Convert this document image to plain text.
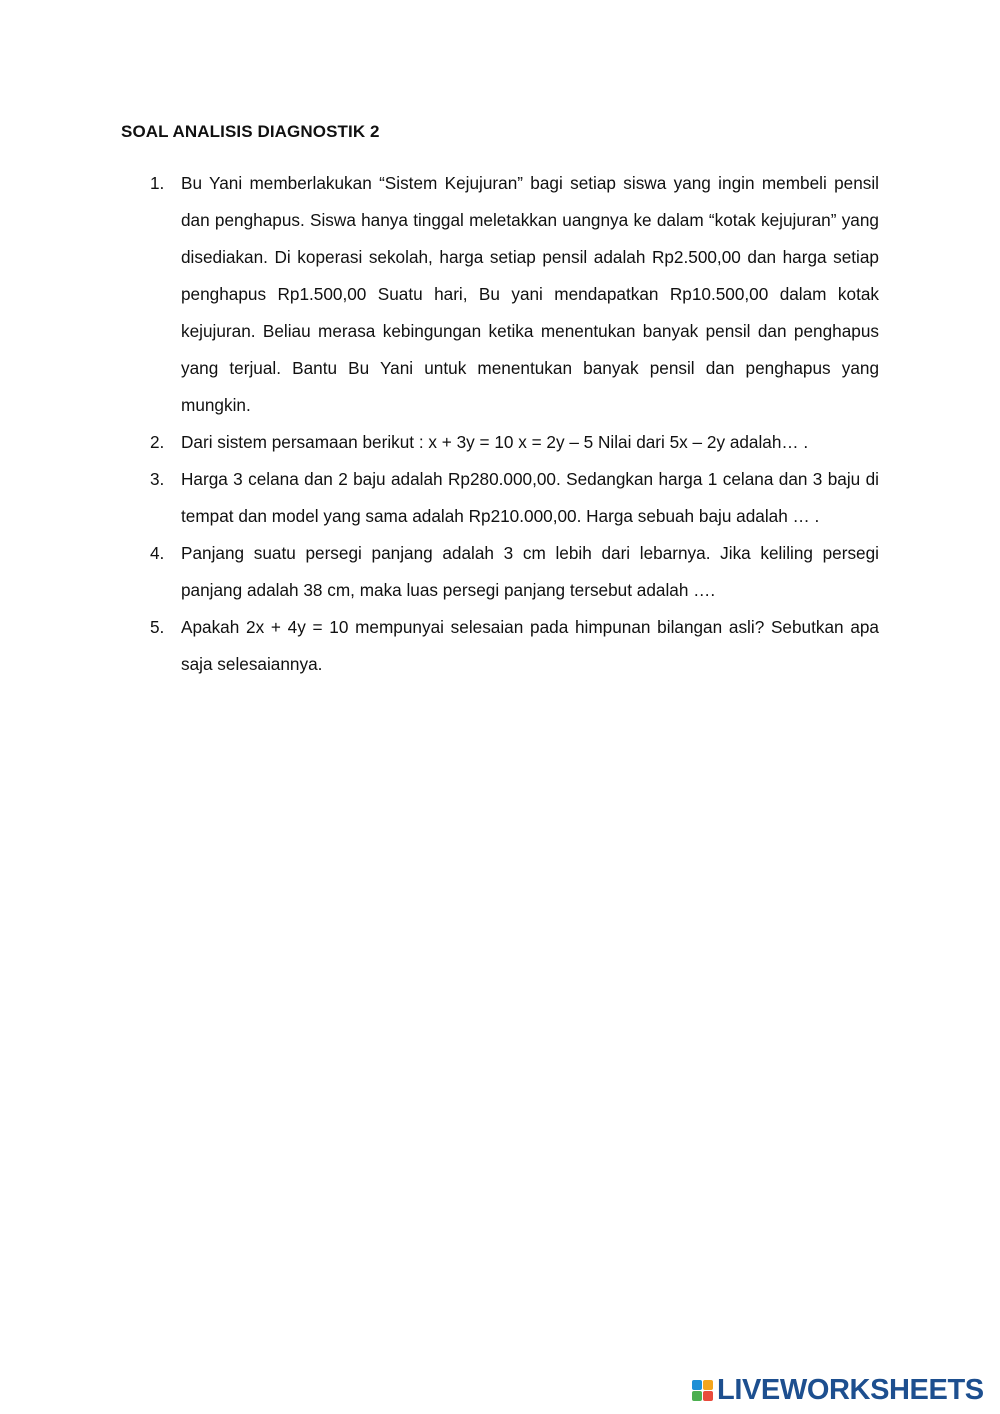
SOAL ANALISIS DIAGNOSTIK 2
1. Bu Yani memberlakukan “Sistem Kejujuran” bagi setiap siswa yang ingin membeli pensil dan penghapus. Siswa hanya tinggal meletakkan uangnya ke dalam “kotak kejujuran” yang disediakan. Di koperasi sekolah, harga setiap pensil adalah Rp2.500,00 dan harga setiap penghapus Rp1.500,00 Suatu hari, Bu yani mendapatkan Rp10.500,00 dalam kotak kejujuran. Beliau merasa kebingungan ketika menentukan banyak pensil dan penghapus yang terjual. Bantu Bu Yani untuk menentukan banyak pensil dan penghapus yang mungkin.
2. Dari sistem persamaan berikut : x + 3y = 10 x = 2y – 5 Nilai dari 5x – 2y adalah… .
3. Harga 3 celana dan 2 baju adalah Rp280.000,00. Sedangkan harga 1 celana dan 3 baju di tempat dan model yang sama adalah Rp210.000,00. Harga sebuah baju adalah … .
4. Panjang suatu persegi panjang adalah 3 cm lebih dari lebarnya. Jika keliling persegi panjang adalah 38 cm, maka luas persegi panjang tersebut adalah ….
5. Apakah 2x + 4y = 10 mempunyai selesaian pada himpunan bilangan asli? Sebutkan apa saja selesaiannya.
LIVEWORKSHEETS
